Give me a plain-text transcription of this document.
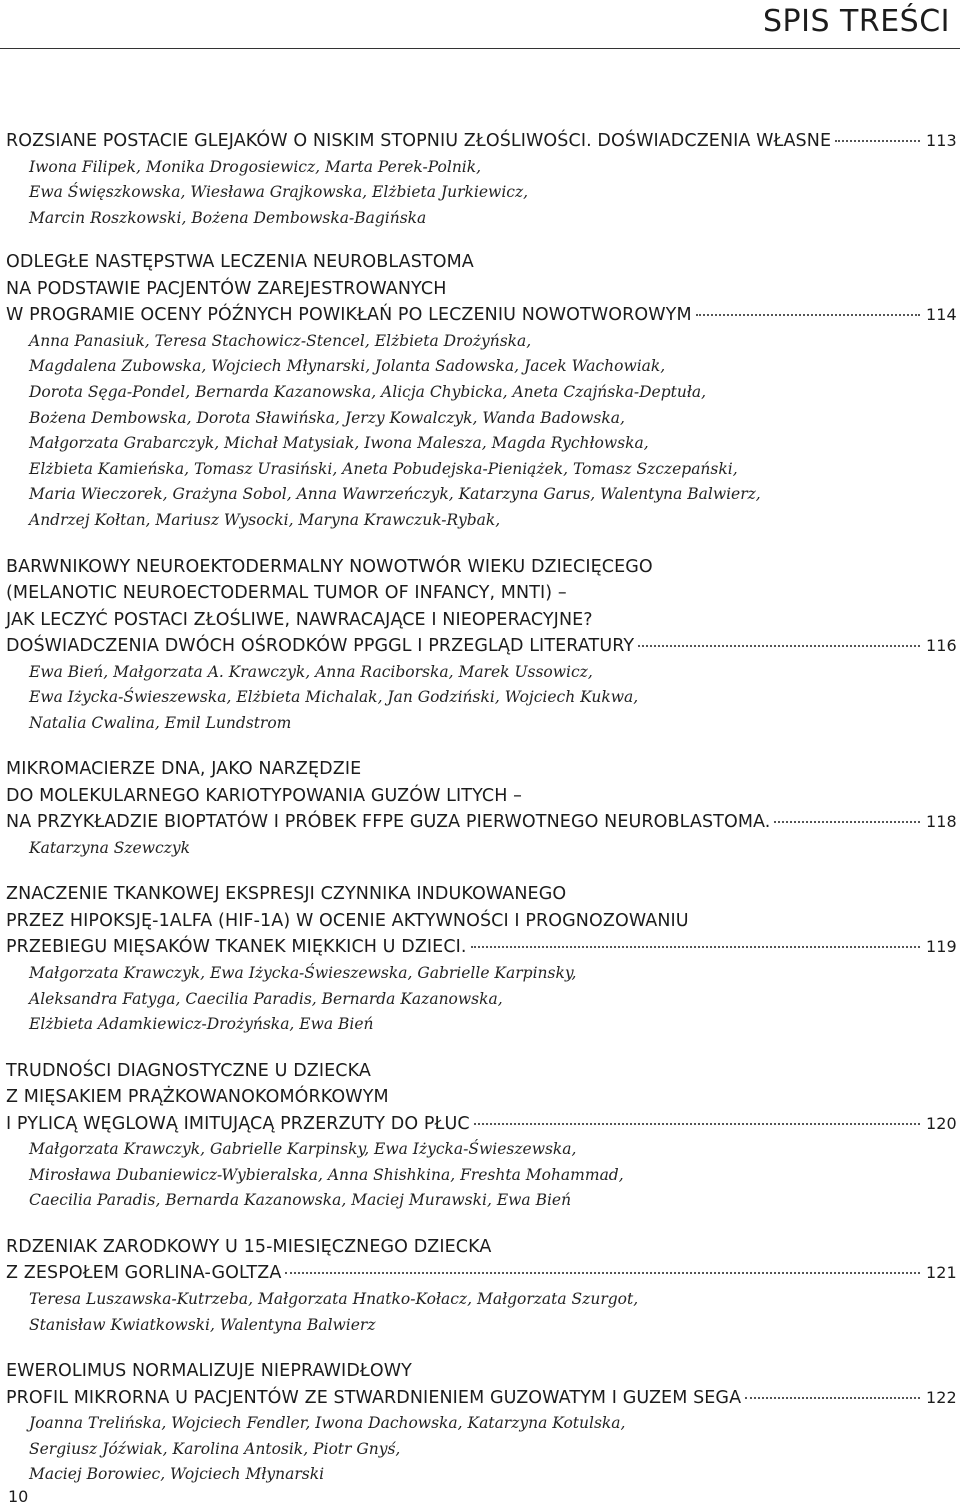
SPIS TREŚCI
ROZSIANE POSTACIE GLEJAKÓW O NISKIM STOPNIU ZŁOŚLIWOŚCI. DOŚWIADCZENIA WŁASNE	113
Iwona Filipek, Monika Drogosiewicz, Marta Perek-Polnik,
Ewa Święszkowska, Wiesława Grajkowska, Elżbieta Jurkiewicz,
Marcin Roszkowski, Bożena Dembowska-Bagińska
ODLEGŁE NASTĘPSTWA LECZENIA NEUROBLASTOMA
NA PODSTAWIE PACJENTÓW ZAREJESTROWANYCH
W PROGRAMIE OCENY PÓŹNYCH POWIKŁAŃ PO LECZENIU NOWOTWOROWYM	114
Anna Panasiuk, Teresa Stachowicz-Stencel, Elżbieta Drożyńska,
Magdalena Zubowska, Wojciech Młynarski, Jolanta Sadowska, Jacek Wachowiak,
Dorota Sęga-Pondel, Bernarda Kazanowska, Alicja Chybicka, Aneta Czajńska-Deptuła,
Bożena Dembowska, Dorota Sławińska, Jerzy Kowalczyk, Wanda Badowska,
Małgorzata Grabarczyk, Michał Matysiak, Iwona Malesza, Magda Rychłowska,
Elżbieta Kamieńska, Tomasz Urasiński, Aneta Pobudejska-Pieniążek, Tomasz Szczepański,
Maria Wieczorek, Grażyna Sobol, Anna Wawrzeńczyk, Katarzyna Garus, Walentyna Balwierz,
Andrzej Kołtan, Mariusz Wysocki, Maryna Krawczuk-Rybak,
BARWNIKOWY NEUROEKTODERMALNY NOWOTWÓR WIEKU DZIECIĘCEGO
(MELANOTIC NEUROECTODERMAL TUMOR OF INFANCY, MNTI) –
JAK LECZYĆ POSTACI ZŁOŚLIWE, NAWRACAJĄCE I NIEOPERACYJNE?
DOŚWIADCZENIA DWÓCH OŚRODKÓW PPGGL I PRZEGLĄD LITERATURY	116
Ewa Bień, Małgorzata A. Krawczyk, Anna Raciborska, Marek Ussowicz,
Ewa Iżycka-Świeszewska, Elżbieta Michalak, Jan Godziński, Wojciech Kukwa,
Natalia Cwalina, Emil Lundstrom
MIKROMACIERZE DNA, JAKO NARZĘDZIE
DO MOLEKULARNEGO KARIOTYPOWANIA GUZÓW LITYCH –
NA PRZYKŁADZIE BIOPTATÓW I PRÓBEK FFPE GUZA PIERWOTNEGO NEUROBLASTOMA.	118
Katarzyna Szewczyk
ZNACZENIE TKANKOWEJ EKSPRESJI CZYNNIKA INDUKOWANEGO
PRZEZ HIPOKSJĘ-1ALFA (HIF-1A) W OCENIE AKTYWNOŚCI I PROGNOZOWANIU
PRZEBIEGU MIĘSAKÓW TKANEK MIĘKKICH U DZIECI.	119
Małgorzata Krawczyk, Ewa Iżycka-Świeszewska, Gabrielle Karpinsky,
Aleksandra Fatyga, Caecilia Paradis, Bernarda Kazanowska,
Elżbieta Adamkiewicz-Drożyńska, Ewa Bień
TRUDNOŚCI DIAGNOSTYCZNE U DZIECKA
Z MIĘSAKIEM PRĄŻKOWANOKOMÓRKOWYM
I PYLICĄ WĘGLOWĄ IMITUJĄCĄ PRZERZUTY DO PŁUC	120
Małgorzata Krawczyk, Gabrielle Karpinsky, Ewa Iżycka-Świeszewska,
Mirosława Dubaniewicz-Wybieralska, Anna Shishkina, Freshta Mohammad,
Caecilia Paradis, Bernarda Kazanowska, Maciej Murawski, Ewa Bień
RDZENIAK ZARODKOWY U 15-MIESIĘCZNEGO DZIECKA
Z ZESPOŁEM GORLINA-GOLTZA	121
Teresa Luszawska-Kutrzeba, Małgorzata Hnatko-Kołacz, Małgorzata Szurgot,
Stanisław Kwiatkowski, Walentyna Balwierz
EWEROLIMUS NORMALIZUJE NIEPRAWIDŁOWY
PROFIL MIKRORNA U PACJENTÓW ZE STWARDNIENIEM GUZOWATYM I GUZEM SEGA	122
Joanna Trelińska, Wojciech Fendler, Iwona Dachowska, Katarzyna Kotulska,
Sergiusz Jóźwiak, Karolina Antosik, Piotr Gnyś,
Maciej Borowiec, Wojciech Młynarski
10
